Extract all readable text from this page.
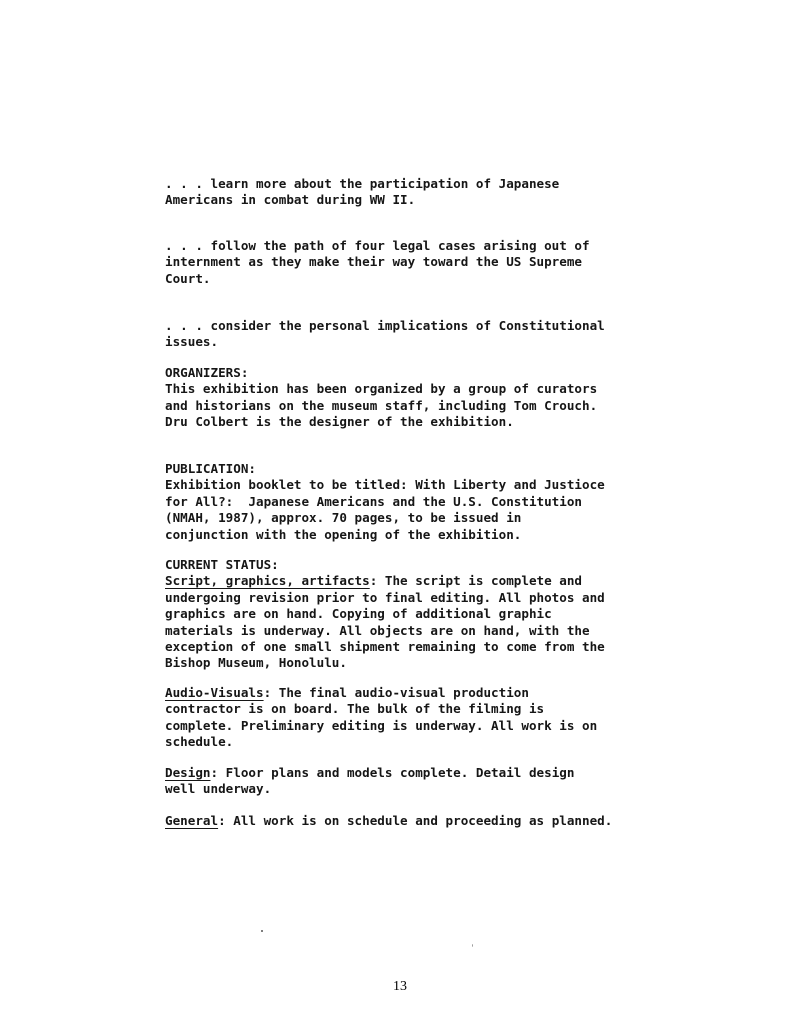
. . . learn more about the participation of Japanese
Americans in combat during WW II.
. . . follow the path of four legal cases arising out of
internment as they make their way toward the US Supreme
Court.
. . . consider the personal implications of Constitutional
issues.
ORGANIZERS:
This exhibition has been organized by a group of curators
and historians on the museum staff, including Tom Crouch.
Dru Colbert is the designer of the exhibition.
PUBLICATION:
Exhibition booklet to be titled: With Liberty and Justioce
for All?:  Japanese Americans and the U.S. Constitution
(NMAH, 1987), approx. 70 pages, to be issued in
conjunction with the opening of the exhibition.
CURRENT STATUS:
Script, graphics, artifacts: The script is complete and
undergoing revision prior to final editing. All photos and
graphics are on hand. Copying of additional graphic
materials is underway. All objects are on hand, with the
exception of one small shipment remaining to come from the
Bishop Museum, Honolulu.
Audio-Visuals: The final audio-visual production
contractor is on board. The bulk of the filming is
complete. Preliminary editing is underway. All work is on
schedule.
Design: Floor plans and models complete. Detail design
well underway.
General: All work is on schedule and proceeding as planned.
13
